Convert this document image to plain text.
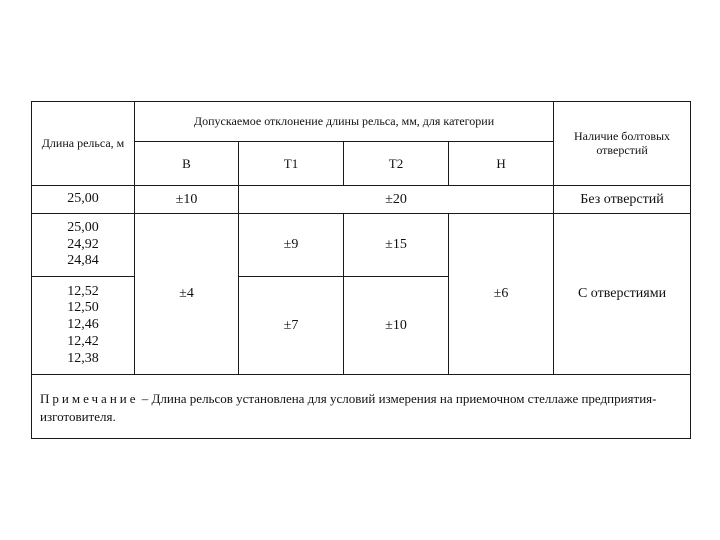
Длина рельса, м	Допускаемое отклонение длины рельса, мм, для категории				Наличие болтовых отверстий
	В	Т1	Т2	Н	
25,00	±10	±20			Без отверстий

25,00
24,92
24,84	±4	±9	±15	±6	С отверстиями

12,52
12,50
12,46
12,42
12,38		±7	±10		
Примечание – Длина рельсов установлена для условий измерения на приемочном стеллаже предприятия-изготовителя.					
